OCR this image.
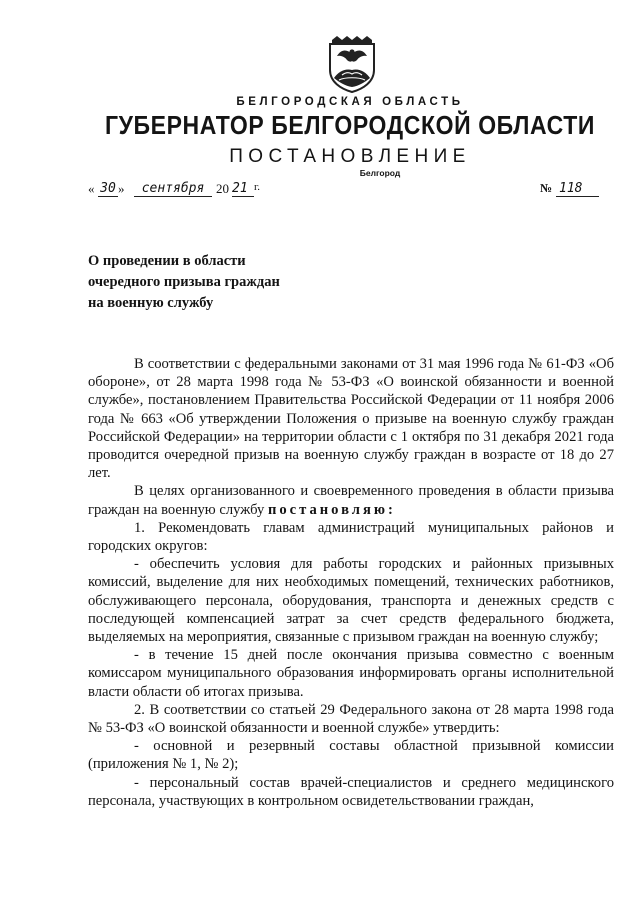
БЕЛГОРОДСКАЯ ОБЛАСТЬ
ГУБЕРНАТОР БЕЛГОРОДСКОЙ ОБЛАСТИ
ПОСТАНОВЛЕНИЕ
Белгород
« 30 »	сентября 20 21 г.	№ 118
О проведении в области
очередного призыва граждан
на военную службу

В соответствии с федеральными законами от 31 мая 1996 года № 61-ФЗ «Об обороне», от 28 марта 1998 года № 53-ФЗ «О воинской обязанности и военной службе», постановлением Правительства Российской Федерации от 11 ноября 2006 года № 663 «Об утверждении Положения о призыве на военную службу граждан Российской Федерации» на территории области с 1 октября по 31 декабря 2021 года проводится очередной призыв на военную службу граждан в возрасте от 18 до 27 лет.

В целях организованного и своевременного проведения в области призыва граждан на военную службу постановляю:

1. Рекомендовать главам администраций муниципальных районов и городских округов:

- обеспечить условия для работы городских и районных призывных комиссий, выделение для них необходимых помещений, технических работников, обслуживающего персонала, оборудования, транспорта и денежных средств с последующей компенсацией затрат за счет средств федерального бюджета, выделяемых на мероприятия, связанные с призывом граждан на военную службу;

- в течение 15 дней после окончания призыва совместно с военным комиссаром муниципального образования информировать органы исполнительной власти области об итогах призыва.

2. В соответствии со статьей 29 Федерального закона от 28 марта 1998 года № 53-ФЗ «О воинской обязанности и военной службе» утвердить:

- основной и резервный составы областной призывной комиссии (приложения № 1, № 2);

- персональный состав врачей-специалистов и среднего медицинского персонала, участвующих в контрольном освидетельствовании граждан,
